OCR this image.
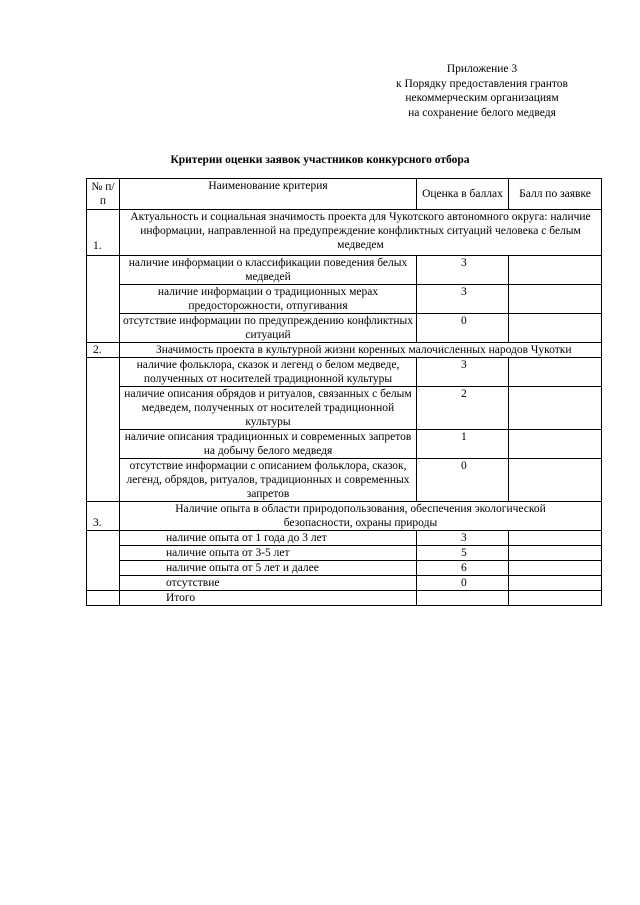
Приложение 3
к Порядку предоставления грантов
некоммерческим организациям
на сохранение белого медведя
Критерии оценки заявок участников конкурсного отбора
№ п/п	Наименование критерия	Оценка в баллах	Балл по заявке
1.	Актуальность и социальная значимость проекта для Чукотского автономного округа: наличие информации, направленной на предупреждение конфликтных ситуаций человека с белым медведем		
	наличие информации о классификации поведения белых медведей	3	
	наличие информации о традиционных мерах предосторожности, отпугивания	3	
	отсутствие информации по предупреждению конфликтных ситуаций	0	
2.	Значимость проекта в культурной жизни коренных малочисленных народов Чукотки		
	наличие фольклора, сказок и легенд о белом медведе, полученных от носителей традиционной культуры	3	
	наличие описания обрядов и ритуалов, связанных с белым медведем, полученных от носителей традиционной культуры	2	
	наличие описания традиционных и современных запретов на добычу белого медведя	1	
	отсутствие информации с описанием фольклора, сказок, легенд, обрядов, ритуалов, традиционных и современных запретов	0	
3.	Наличие опыта в области природопользования, обеспечения экологической безопасности, охраны природы		
	наличие опыта от 1 года до 3 лет	3	
	наличие опыта от 3-5 лет	5	
	наличие опыта от 5 лет и далее	6	
	отсутствие	0	
	Итого		
